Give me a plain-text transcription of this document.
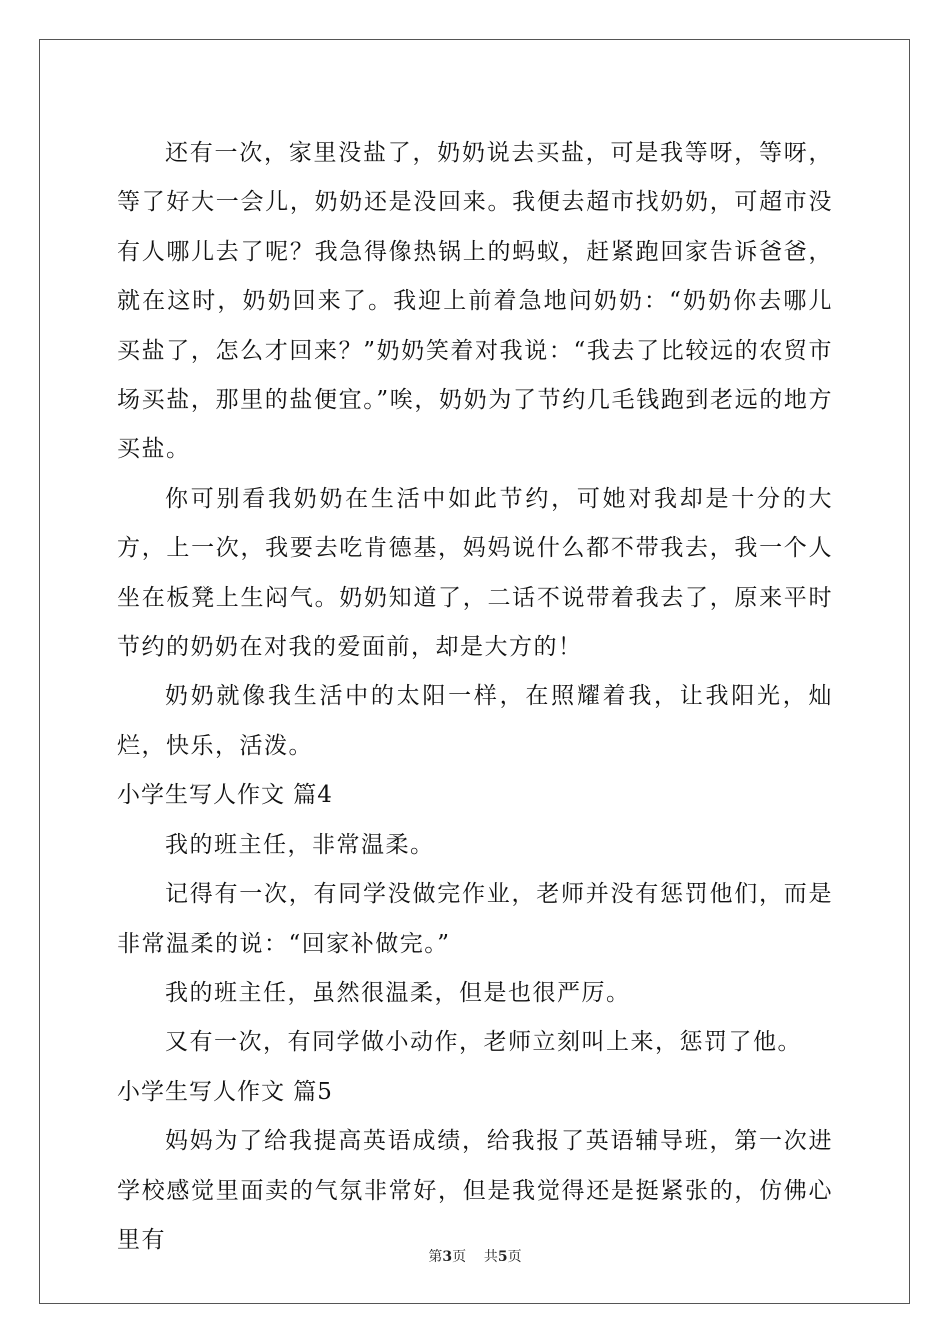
还有一次，家里没盐了，奶奶说去买盐，可是我等呀，等呀，等了好大一会儿，奶奶还是没回来。我便去超市找奶奶，可超市没有人哪儿去了呢？我急得像热锅上的蚂蚁，赶紧跑回家告诉爸爸，就在这时，奶奶回来了。我迎上前着急地问奶奶：“奶奶你去哪儿买盐了，怎么才回来？”奶奶笑着对我说：“我去了比较远的农贸市场买盐，那里的盐便宜。”唉，奶奶为了节约几毛钱跑到老远的地方买盐。

你可别看我奶奶在生活中如此节约，可她对我却是十分的大方，上一次，我要去吃肯德基，妈妈说什么都不带我去，我一个人坐在板凳上生闷气。奶奶知道了，二话不说带着我去了，原来平时节约的奶奶在对我的爱面前，却是大方的！

奶奶就像我生活中的太阳一样，在照耀着我，让我阳光，灿烂，快乐，活泼。

小学生写人作文 篇4

我的班主任，非常温柔。

记得有一次，有同学没做完作业，老师并没有惩罚他们，而是非常温柔的说：“回家补做完。”

我的班主任，虽然很温柔，但是也很严厉。

又有一次，有同学做小动作，老师立刻叫上来，惩罚了他。

小学生写人作文 篇5

妈妈为了给我提高英语成绩，给我报了英语辅导班，第一次进学校感觉里面卖的气氛非常好，但是我觉得还是挺紧张的，仿佛心里有

第3页 共5页
